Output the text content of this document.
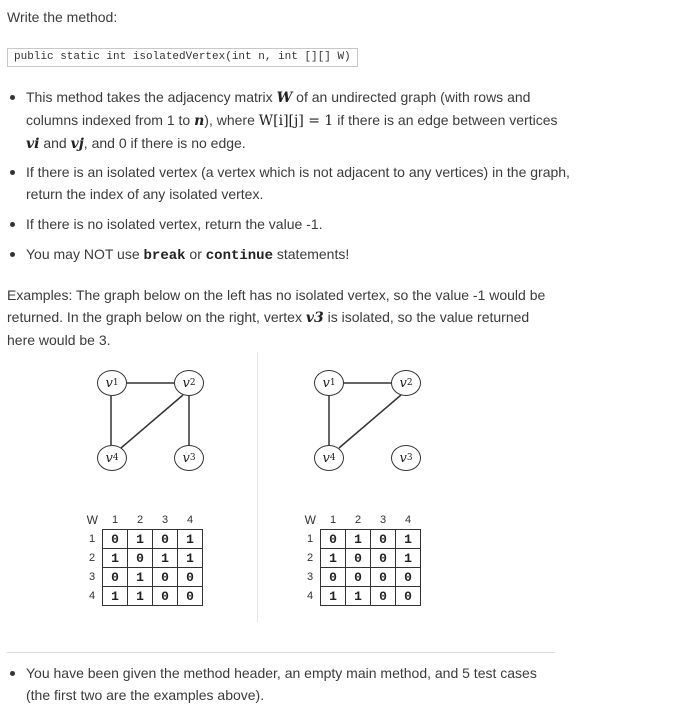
Write the method:
public static int isolatedVertex(int n, int [][] W)
This method takes the adjacency matrix W of an undirected graph (with rows and columns indexed from 1 to n), where W[i][j] = 1 if there is an edge between vertices vi and vj, and 0 if there is no edge.
If there is an isolated vertex (a vertex which is not adjacent to any vertices) in the graph, return the index of any isolated vertex.
If there is no isolated vertex, return the value -1.
You may NOT use break or continue statements!
Examples: The graph below on the left has no isolated vertex, so the value -1 would be returned. In the graph below on the right, vertex v3 is isolated, so the value returned here would be 3.
v 1	v 2
v 4	v 3
v 1	v 2
v 4	v 3
W	1	2	3	4
1	0	1	0	1
2	1	0	1	1
3	0	1	0	0
4	1	1	0	0
W	1	2	3	4
1	0	1	0	1
2	1	0	0	1
3	0	0	0	0
4	1	1	0	0
You have been given the method header, an empty main method, and 5 test cases (the first two are the examples above).
